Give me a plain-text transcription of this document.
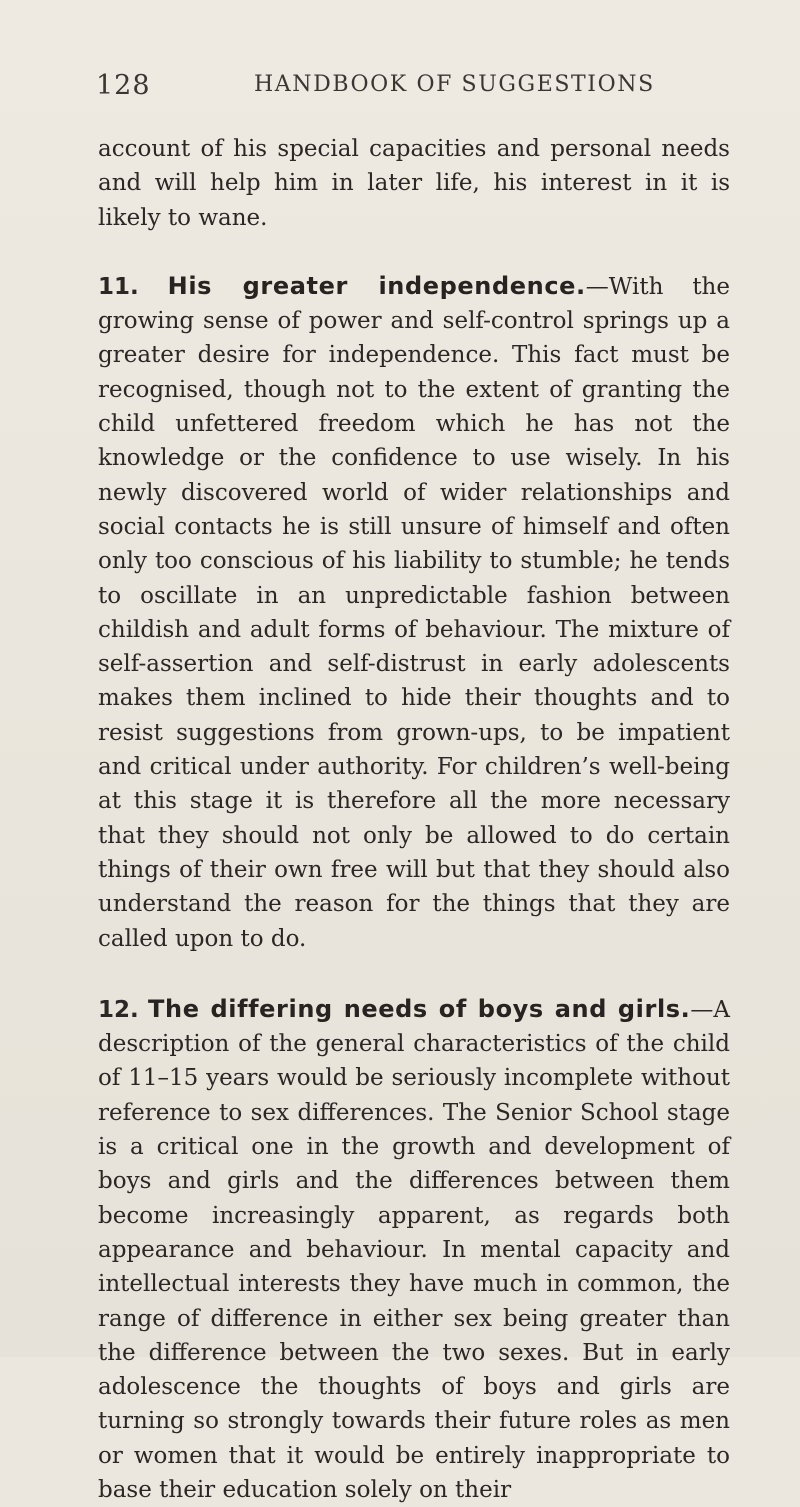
128	HANDBOOK OF SUGGESTIONS

account of his special capacities and personal needs and will help him in later life, his interest in it is likely to wane.

11. His greater independence.—With the growing sense of power and self-control springs up a greater desire for independence. This fact must be recognised, though not to the extent of granting the child unfettered freedom which he has not the knowledge or the confidence to use wisely. In his newly discovered world of wider relationships and social contacts he is still unsure of himself and often only too conscious of his liability to stumble; he tends to oscillate in an unpredictable fashion between childish and adult forms of behaviour. The mixture of self-assertion and self-distrust in early adolescents makes them inclined to hide their thoughts and to resist suggestions from grown-ups, to be impatient and critical under authority. For children’s well-being at this stage it is therefore all the more necessary that they should not only be allowed to do certain things of their own free will but that they should also understand the reason for the things that they are called upon to do.

12. The differing needs of boys and girls.—A description of the general characteristics of the child of 11–15 years would be seriously incomplete without reference to sex differences. The Senior School stage is a critical one in the growth and development of boys and girls and the differences between them become increasingly apparent, as regards both appearance and behaviour. In mental capacity and intellectual interests they have much in common, the range of difference in either sex being greater than the difference between the two sexes. But in early adolescence the thoughts of boys and girls are turning so strongly towards their future roles as men or women that it would be entirely inappropriate to base their education solely on their
